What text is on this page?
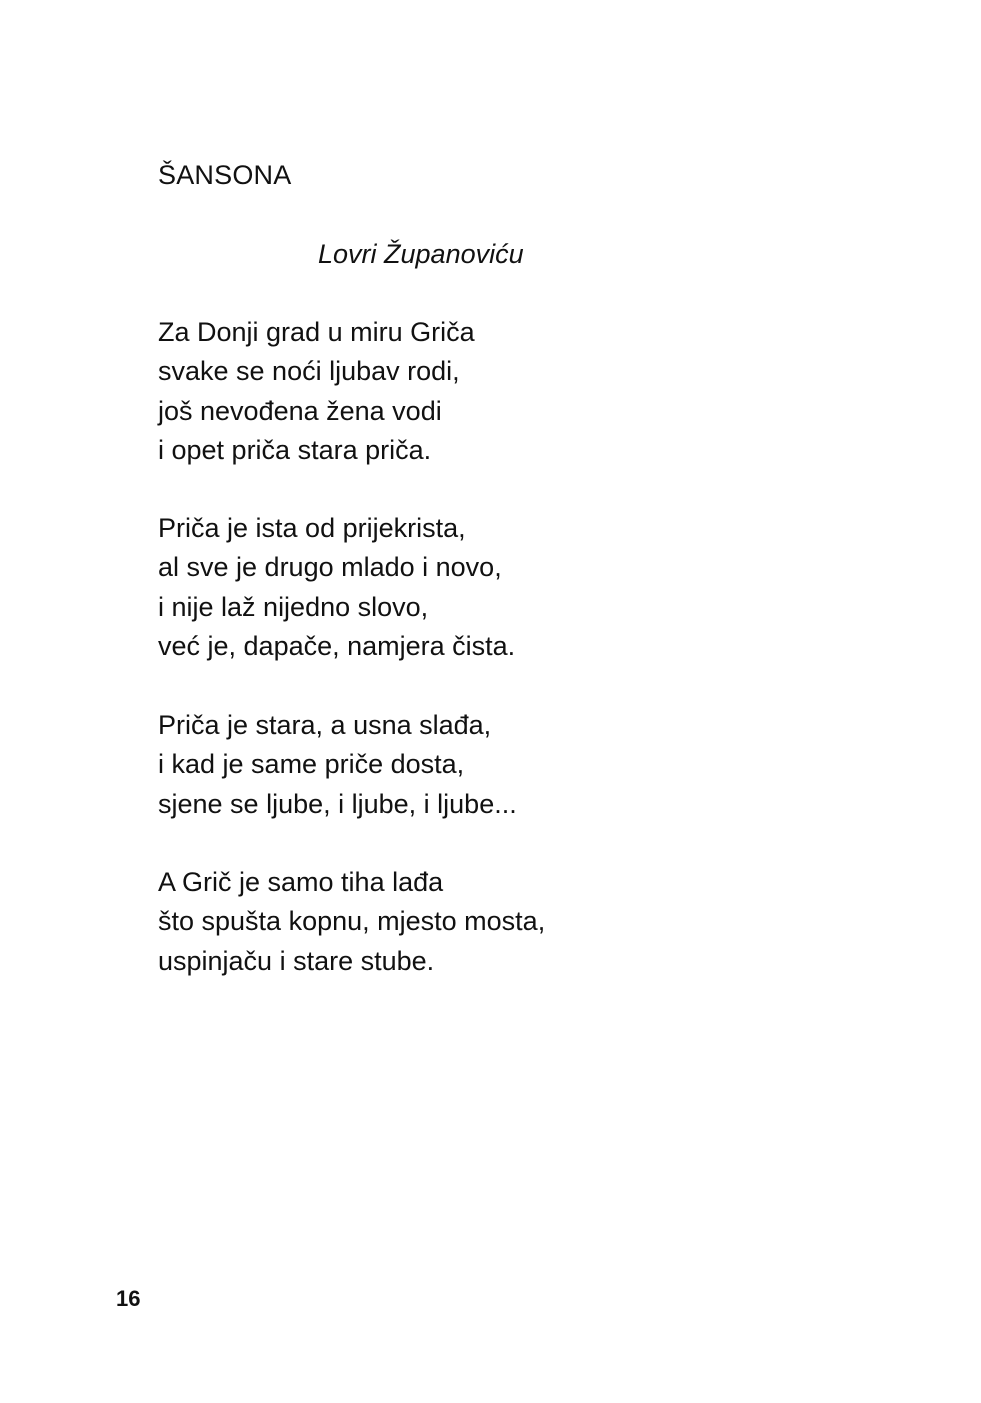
ŠANSONA
Lovri Županoviću
Za Donji grad u miru Griča
svake se noći ljubav rodi,
još nevođena žena vodi
i opet priča stara priča.
Priča je ista od prijekrista,
al sve je drugo mlado i novo,
i nije laž nijedno slovo,
već je, dapače, namjera čista.
Priča je stara, a usna slađa,
i kad je same priče dosta,
sjene se ljube, i ljube, i ljube...
A Grič je samo tiha lađa
što spušta kopnu, mjesto mosta,
uspinjaču i stare stube.
16
